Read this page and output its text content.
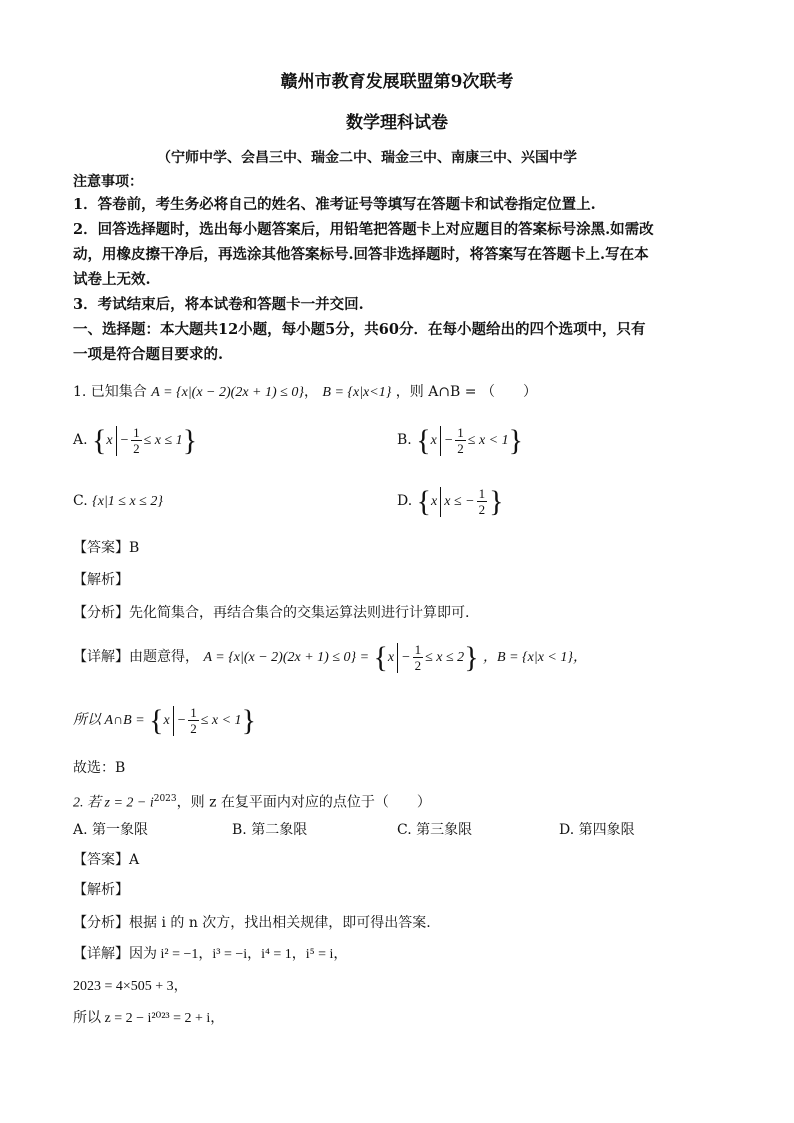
赣州市教育发展联盟第9次联考
数学理科试卷
（宁师中学、会昌三中、瑞金二中、瑞金三中、南康三中、兴国中学
注意事项：
1．答卷前，考生务必将自己的姓名、准考证号等填写在答题卡和试卷指定位置上.
2．回答选择题时，选出每小题答案后，用铅笔把答题卡上对应题目的答案标号涂黑.如需改
动，用橡皮擦干净后，再选涂其他答案标号.回答非选择题时，将答案写在答题卡上.写在本
试卷上无效.
3．考试结束后，将本试卷和答题卡一并交回.
一、选择题：本大题共12小题，每小题5分，共60分．在每小题给出的四个选项中，只有
一项是符合题目要求的.
1. 已知集合 A = {x|(x − 2)(2x + 1) ≤ 0}， B = {x|x<1} ，则 A∩B = （　　）
A. $\{x - \frac{1}{2} \le x \le 1\}$	B. $\{x - \frac{1}{2} \le x < 1\}$
C. {x|1 ≤ x ≤ 2}	D. {x x ≤ − $\frac{1}{2}$ }
【答案】B
【解析】
【分析】先化简集合，再结合集合的交集运算法则进行计算即可.
【详解】由题意得， $A = \{x|(x - 2)(2x + 1) \le 0\} = \{x - \frac{1}{2} \le x \le 2\}$ ，B = {x|x < 1}，
所以 A∩B = $\{x - \frac{1}{2} \le x < 1\}$
故选：B
2. 若 $z = 2 - i^{2023}$，则 z 在复平面内对应的点位于（　　）
A. 第一象限	B. 第二象限	C. 第三象限	D. 第四象限
【答案】A
【解析】
【分析】根据 i 的 n 次方，找出相关规律，即可得出答案.
【详解】因为 i² = −1，i³ = −i，i⁴ = 1，i⁵ = i，
2023 = 4×505 + 3，
所以 z = 2 − i²⁰²³ = 2 + i，
